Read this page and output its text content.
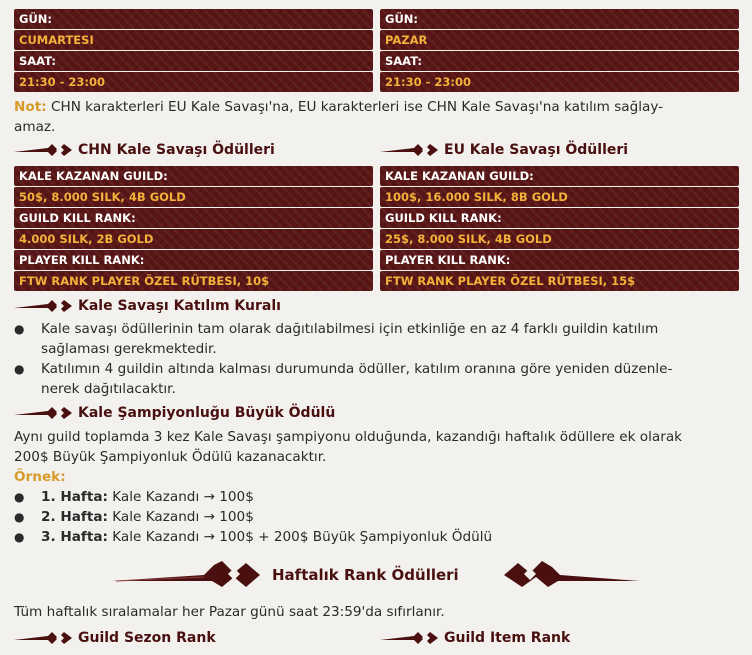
GÜN:
CUMARTESI
SAAT:
21:30 - 23:00
GÜN:
PAZAR
SAAT:
21:30 - 23:00
Not: CHN karakterleri EU Kale Savaşı'na, EU karakterleri ise CHN Kale Savaşı'na katılım sağlay-
amaz.
CHN Kale Savaşı Ödülleri	EU Kale Savaşı Ödülleri
KALE KAZANAN GUILD:
50$, 8.000 SILK, 4B GOLD
GUILD KILL RANK:
4.000 SILK, 2B GOLD
PLAYER KILL RANK:
FTW RANK PLAYER ÖZEL RÜTBESI, 10$
KALE KAZANAN GUILD:
100$, 16.000 SILK, 8B GOLD
GUILD KILL RANK:
25$, 8.000 SILK, 4B GOLD
PLAYER KILL RANK:
FTW RANK PLAYER ÖZEL RÜTBESI, 15$
Kale Savaşı Katılım Kuralı
● Kale savaşı ödüllerinin tam olarak dağıtılabilmesi için etkinliğe en az 4 farklı guildin katılım
sağlaması gerekmektedir.
● Katılımın 4 guildin altında kalması durumunda ödüller, katılım oranına göre yeniden düzenle-
nerek dağıtılacaktır.
Kale Şampiyonluğu Büyük Ödülü
Aynı guild toplamda 3 kez Kale Savaşı şampiyonu olduğunda, kazandığı haftalık ödüllere ek olarak
200$ Büyük Şampiyonluk Ödülü kazanacaktır.
Örnek:
● 1. Hafta: Kale Kazandı → 100$
● 2. Hafta: Kale Kazandı → 100$
● 3. Hafta: Kale Kazandı → 100$ + 200$ Büyük Şampiyonluk Ödülü
Haftalık Rank Ödülleri
Tüm haftalık sıralamalar her Pazar günü saat 23:59'da sıfırlanır.
Guild Sezon Rank	Guild Item Rank
